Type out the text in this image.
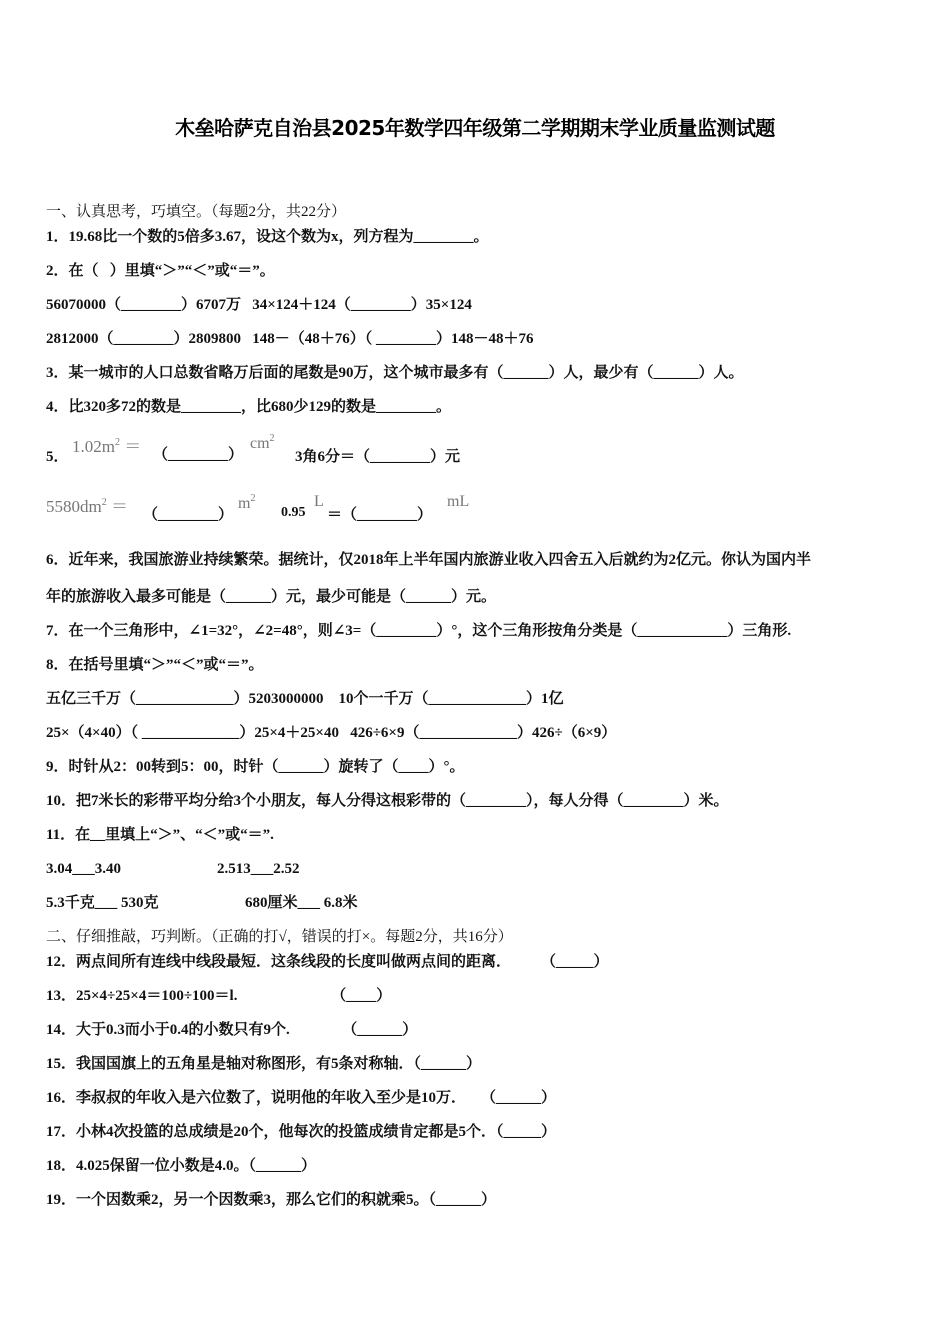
木垒哈萨克自治县2025年数学四年级第二学期期末学业质量监测试题
一、认真思考，巧填空。（每题2分，共22分）
1．19.68比一个数的5倍多3.67，设这个数为x，列方程为________。
2．在（   ）里填“＞”“＜”或“＝”。
56070000（________）6707万   34×124＋124（________）35×124
2812000（________）2809800   148－（48＋76）（ ________）148－48＋76
3．某一城市的人口总数省略万后面的尾数是90万，这个城市最多有（______）人，最少有（______）人。
4．比320多72的数是________，比680少129的数是________。
5．
$1.02m^2$ ＝ （________）
$cm^2$
3角6分＝（________）元
$5580dm^2$ ＝ （________）
$m^2$
0.95
L
＝（________）
mL
6．近年来，我国旅游业持续繁荣。据统计，仅2018年上半年国内旅游业收入四舍五入后就约为2亿元。你认为国内半
年的旅游收入最多可能是（______）元，最少可能是（______）元。
7．在一个三角形中，∠1=32°，∠2=48°，则∠3=（________）°，这个三角形按角分类是（____________）三角形.
8．在括号里填“＞”“＜”或“＝”。
五亿三千万（_____________）5203000000    10个一千万（_____________）1亿
25×（4×40）（ _____________）25×4＋25×40   426÷6×9（_____________）426÷（6×9）
9．时针从2：00转到5：00，时针（______）旋转了（____）°。
10．把7米长的彩带平均分给3个小朋友，每人分得这根彩带的（________），每人分得（________）米。
11．在__里填上“＞”、“＜”或“＝”.
3.04___3.40	2.513___2.52
5.3千克___ 530克	680厘米___ 6.8米
二、仔细推敲，巧判断。（正确的打√，错误的打×。每题2分，共16分）
12．两点间所有连线中线段最短．这条线段的长度叫做两点间的距离．        （_____）
13．25×4÷25×4＝100÷100＝l.                         （____）
14．大于0.3而小于0.4的小数只有9个.              （______）
15．我国国旗上的五角星是轴对称图形，有5条对称轴．（______）
16．李叔叔的年收入是六位数了，说明他的年收入至少是10万．    （______）
17．小林4次投篮的总成绩是20个，他每次的投篮成绩肯定都是5个．（_____）
18．4.025保留一位小数是4.0。（______）
19．一个因数乘2，另一个因数乘3，那么它们的积就乘5。（______）
